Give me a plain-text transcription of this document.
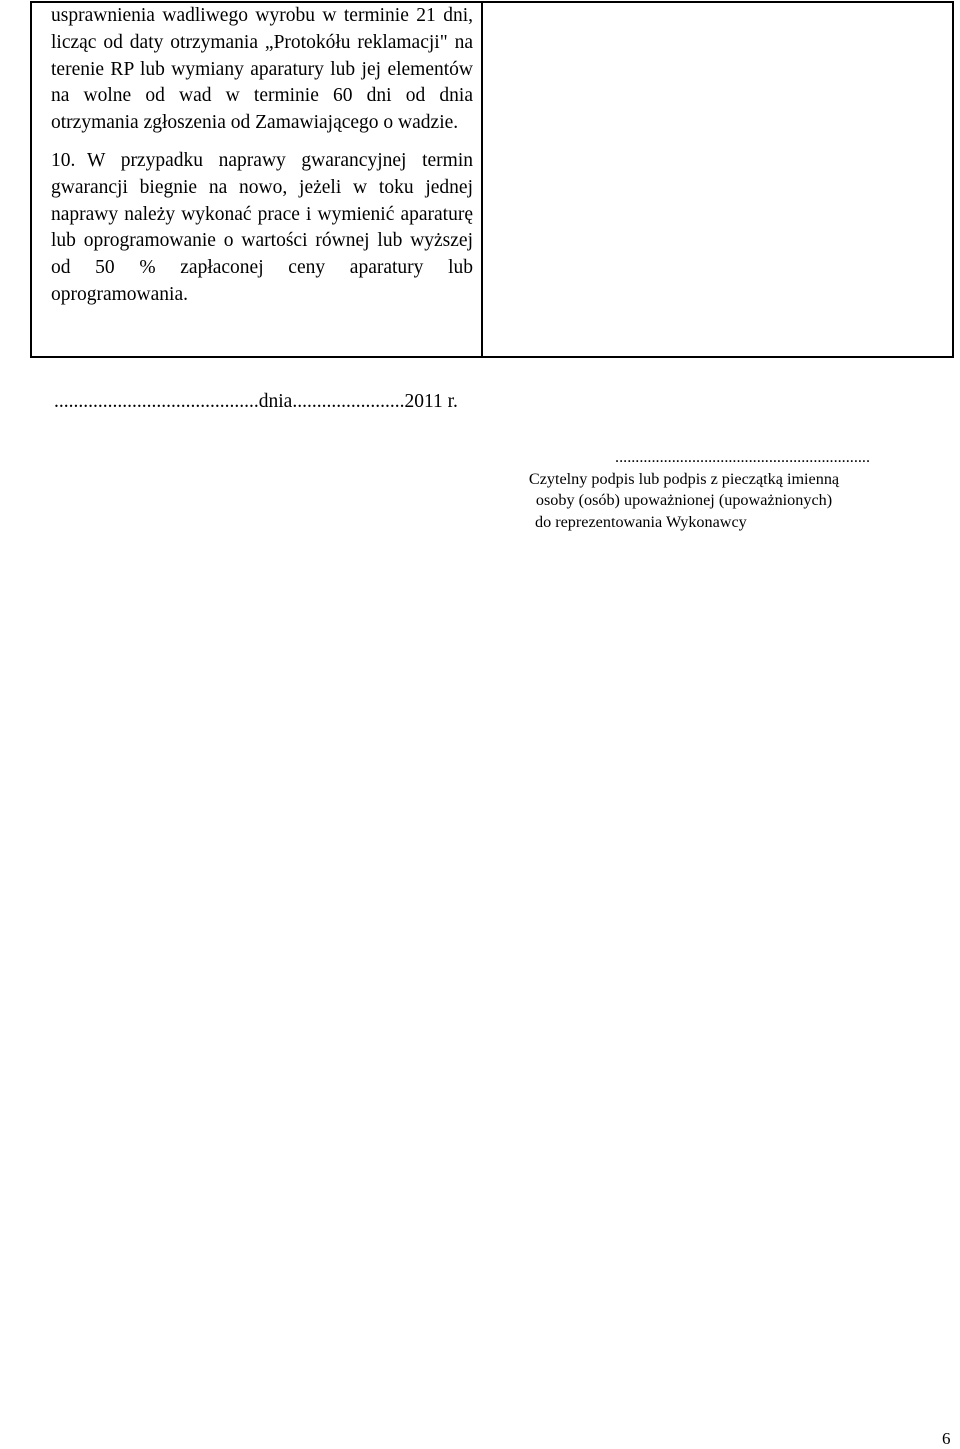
usprawnienia wadliwego wyrobu w terminie 21 dni, licząc od daty otrzymania „Protokółu reklamacji" na terenie RP lub wymiany aparatury lub jej elementów na wolne od wad w terminie 60 dni od dnia otrzymania zgłoszenia od Zamawiającego o wadzie.

10. W przypadku naprawy gwarancyjnej termin gwarancji biegnie na nowo, jeżeli w toku jednej naprawy należy wykonać prace i wymienić aparaturę lub oprogramowanie o wartości równej lub wyższej od 50 % zapłaconej ceny aparatury lub oprogramowania.

..........................................dnia.......................2011 r.
...............................................................
Czytelny podpis lub podpis z pieczątką imienną
osoby (osób) upoważnionej (upoważnionych)
do reprezentowania Wykonawcy
6
